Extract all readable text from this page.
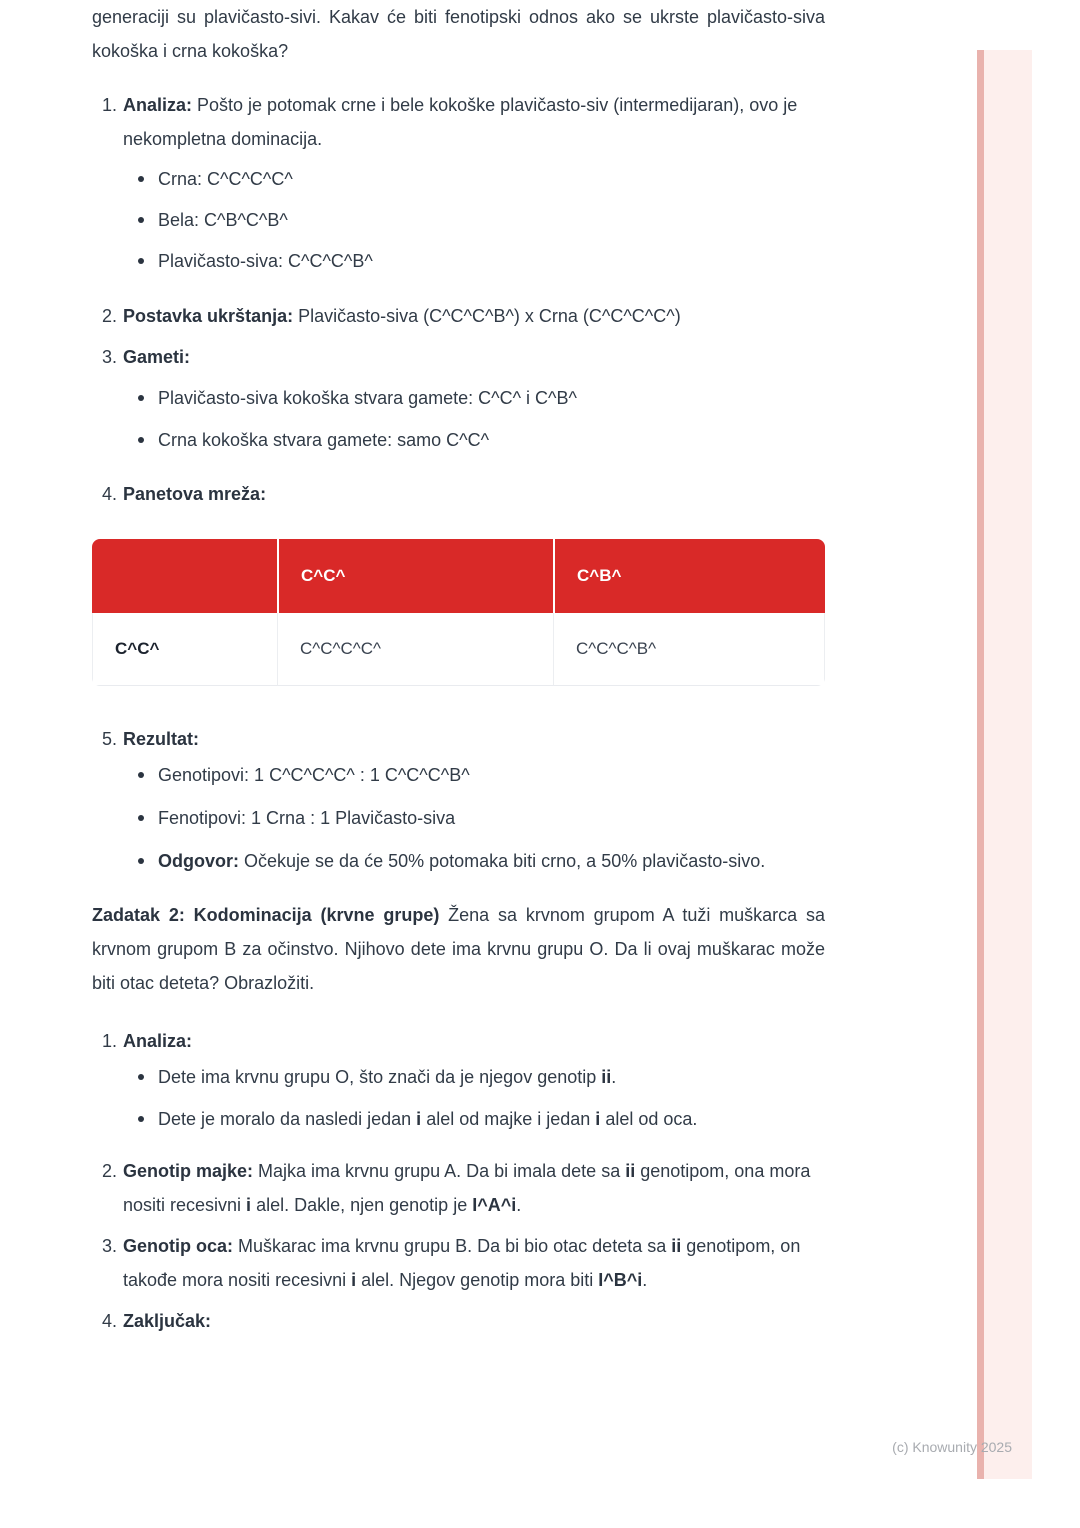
generaciji su plavičasto-sivi. Kakav će biti fenotipski odnos ako se ukrste plavičasto-siva kokoška i crna kokoška?

1. Analiza: Pošto je potomak crne i bele kokoške plavičasto-siv (intermedijaran), ovo je nekompletna dominacija.
Crna: C^C^C^C^
Bela: C^B^C^B^
Plavičasto-siva: C^C^C^B^
2. Postavka ukrštanja: Plavičasto-siva (C^C^C^B^) x Crna (C^C^C^C^)
3. Gameti:
Plavičasto-siva kokoška stvara gamete: C^C^ i C^B^
Crna kokoška stvara gamete: samo C^C^
4. Panetova mreža:
	C^C^	C^B^
C^C^	C^C^C^C^	C^C^C^B^
5. Rezultat:
Genotipovi: 1 C^C^C^C^ : 1 C^C^C^B^
Fenotipovi: 1 Crna : 1 Plavičasto-siva
Odgovor: Očekuje se da će 50% potomaka biti crno, a 50% plavičasto-sivo.

Zadatak 2: Kodominacija (krvne grupe) Žena sa krvnom grupom A tuži muškarca sa krvnom grupom B za očinstvo. Njihovo dete ima krvnu grupu O. Da li ovaj muškarac može biti otac deteta? Obrazložiti.

1. Analiza:
Dete ima krvnu grupu O, što znači da je njegov genotip ii.
Dete je moralo da nasledi jedan i alel od majke i jedan i alel od oca.
2. Genotip majke: Majka ima krvnu grupu A. Da bi imala dete sa ii genotipom, ona mora nositi recesivni i alel. Dakle, njen genotip je I^A^i.
3. Genotip oca: Muškarac ima krvnu grupu B. Da bi bio otac deteta sa ii genotipom, on takođe mora nositi recesivni i alel. Njegov genotip mora biti I^B^i.
4. Zaključak:
(c) Knowunity 2025
